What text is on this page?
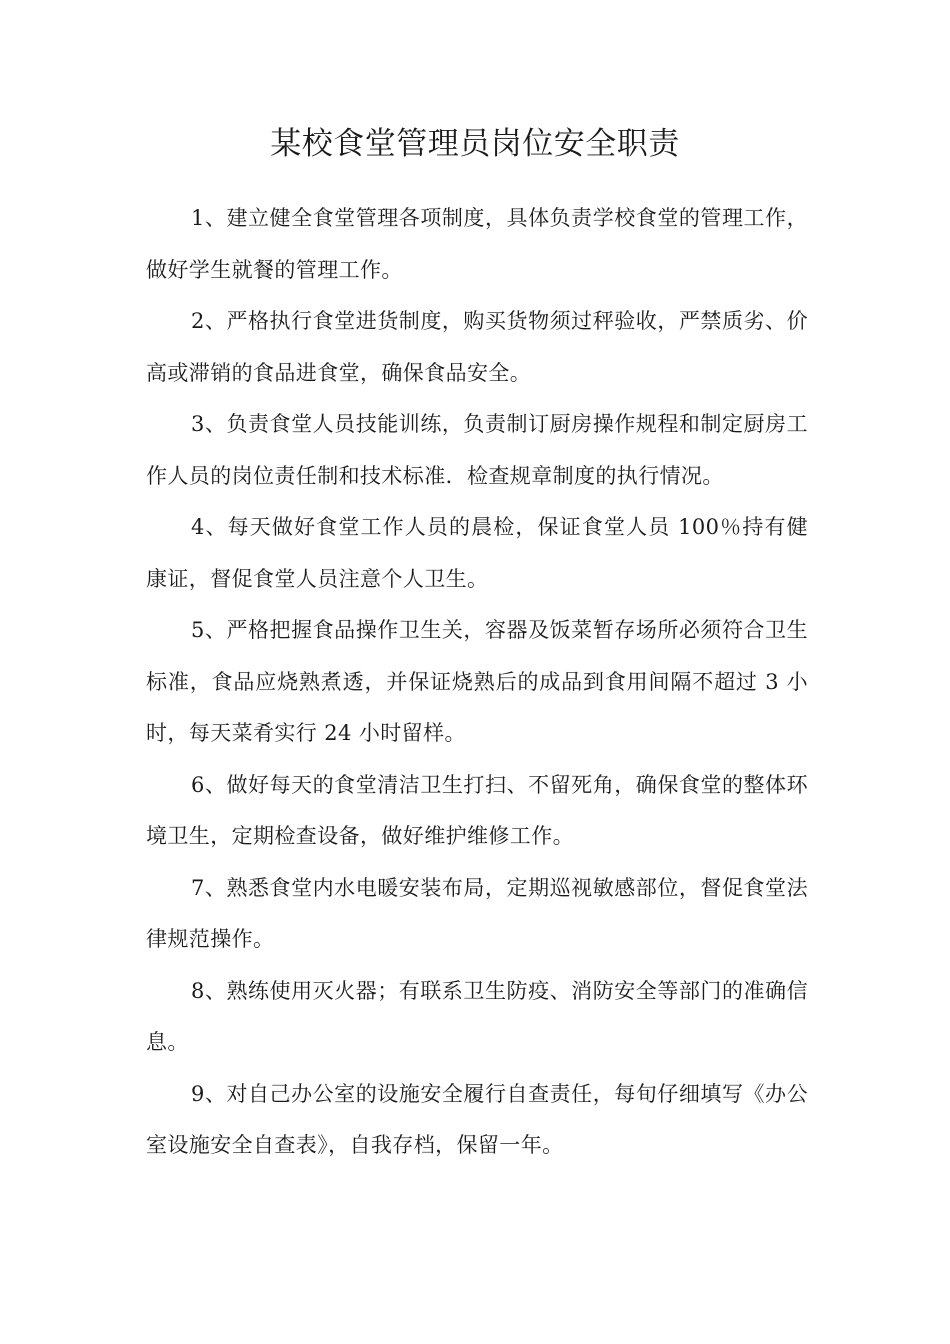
某校食堂管理员岗位安全职责

1、建立健全食堂管理各项制度，具体负责学校食堂的管理工作，做好学生就餐的管理工作。

2、严格执行食堂进货制度，购买货物须过秤验收，严禁质劣、价高或滞销的食品进食堂，确保食品安全。

3、负责食堂人员技能训练，负责制订厨房操作规程和制定厨房工作人员的岗位责任制和技术标准．检查规章制度的执行情况。

4、每天做好食堂工作人员的晨检，保证食堂人员 100％持有健康证，督促食堂人员注意个人卫生。

5、严格把握食品操作卫生关，容器及饭菜暂存场所必须符合卫生标准，食品应烧熟煮透，并保证烧熟后的成品到食用间隔不超过 3 小时，每天菜肴实行 24 小时留样。

6、做好每天的食堂清洁卫生打扫、不留死角，确保食堂的整体环境卫生，定期检查设备，做好维护维修工作。

7、熟悉食堂内水电暖安装布局，定期巡视敏感部位，督促食堂法律规范操作。

8、熟练使用灭火器；有联系卫生防疫、消防安全等部门的准确信息。

9、对自己办公室的设施安全履行自查责任，每旬仔细填写《办公室设施安全自查表》，自我存档，保留一年。
